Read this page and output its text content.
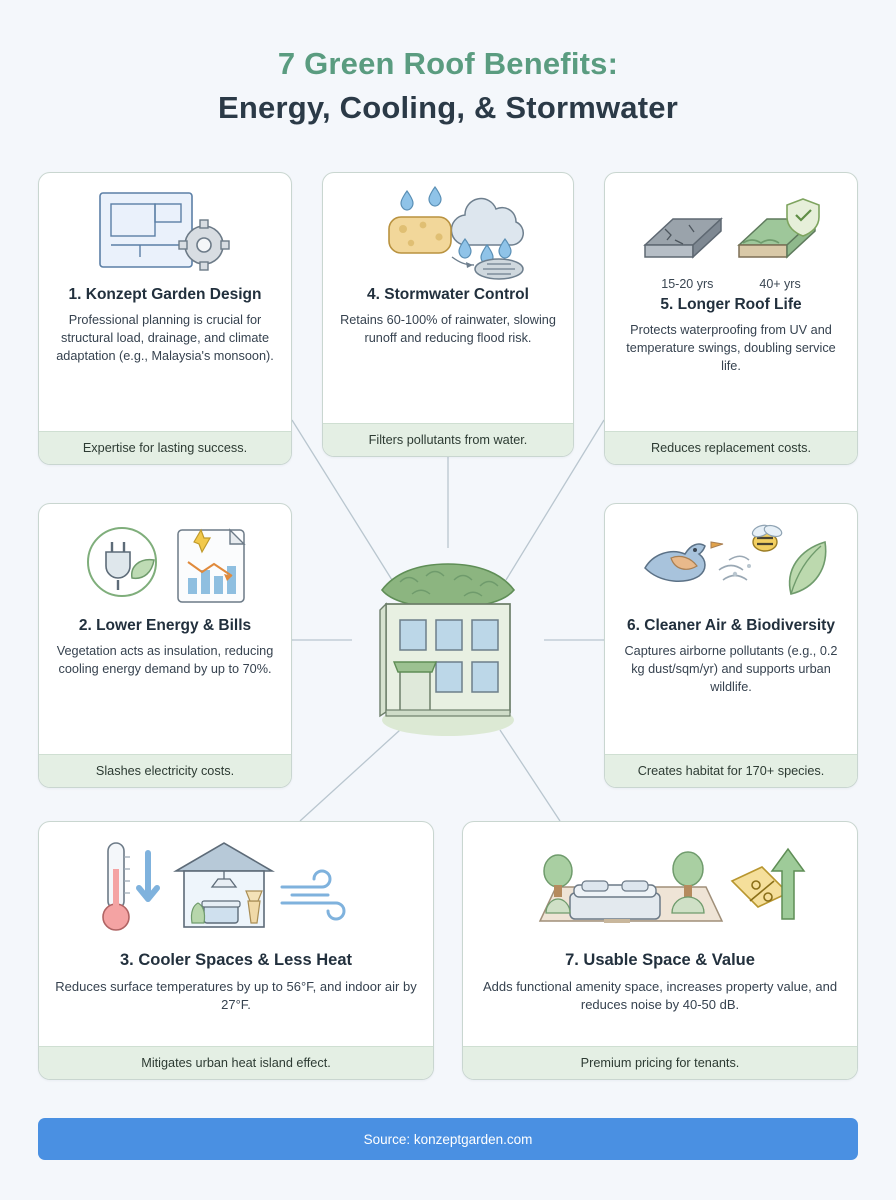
7 Green Roof Benefits:
Energy, Cooling, & Stormwater
1. Konzept Garden Design
Professional planning is crucial for structural load, drainage, and climate adaptation (e.g., Malaysia's monsoon).
Expertise for lasting success.
4. Stormwater Control
Retains 60-100% of rainwater, slowing runoff and reducing flood risk.
Filters pollutants from water.
15-20 yrs	40+ yrs
5. Longer Roof Life
Protects waterproofing from UV and temperature swings, doubling service life.
Reduces replacement costs.
2. Lower Energy & Bills
Vegetation acts as insulation, reducing cooling energy demand by up to 70%.
Slashes electricity costs.
6. Cleaner Air & Biodiversity
Captures airborne pollutants (e.g., 0.2 kg dust/sqm/yr) and supports urban wildlife.
Creates habitat for 170+ species.
3. Cooler Spaces & Less Heat
Reduces surface temperatures by up to 56°F, and indoor air by 27°F.
Mitigates urban heat island effect.
7. Usable Space & Value
Adds functional amenity space, increases property value, and reduces noise by 40-50 dB.
Premium pricing for tenants.
Source: konzeptgarden.com
